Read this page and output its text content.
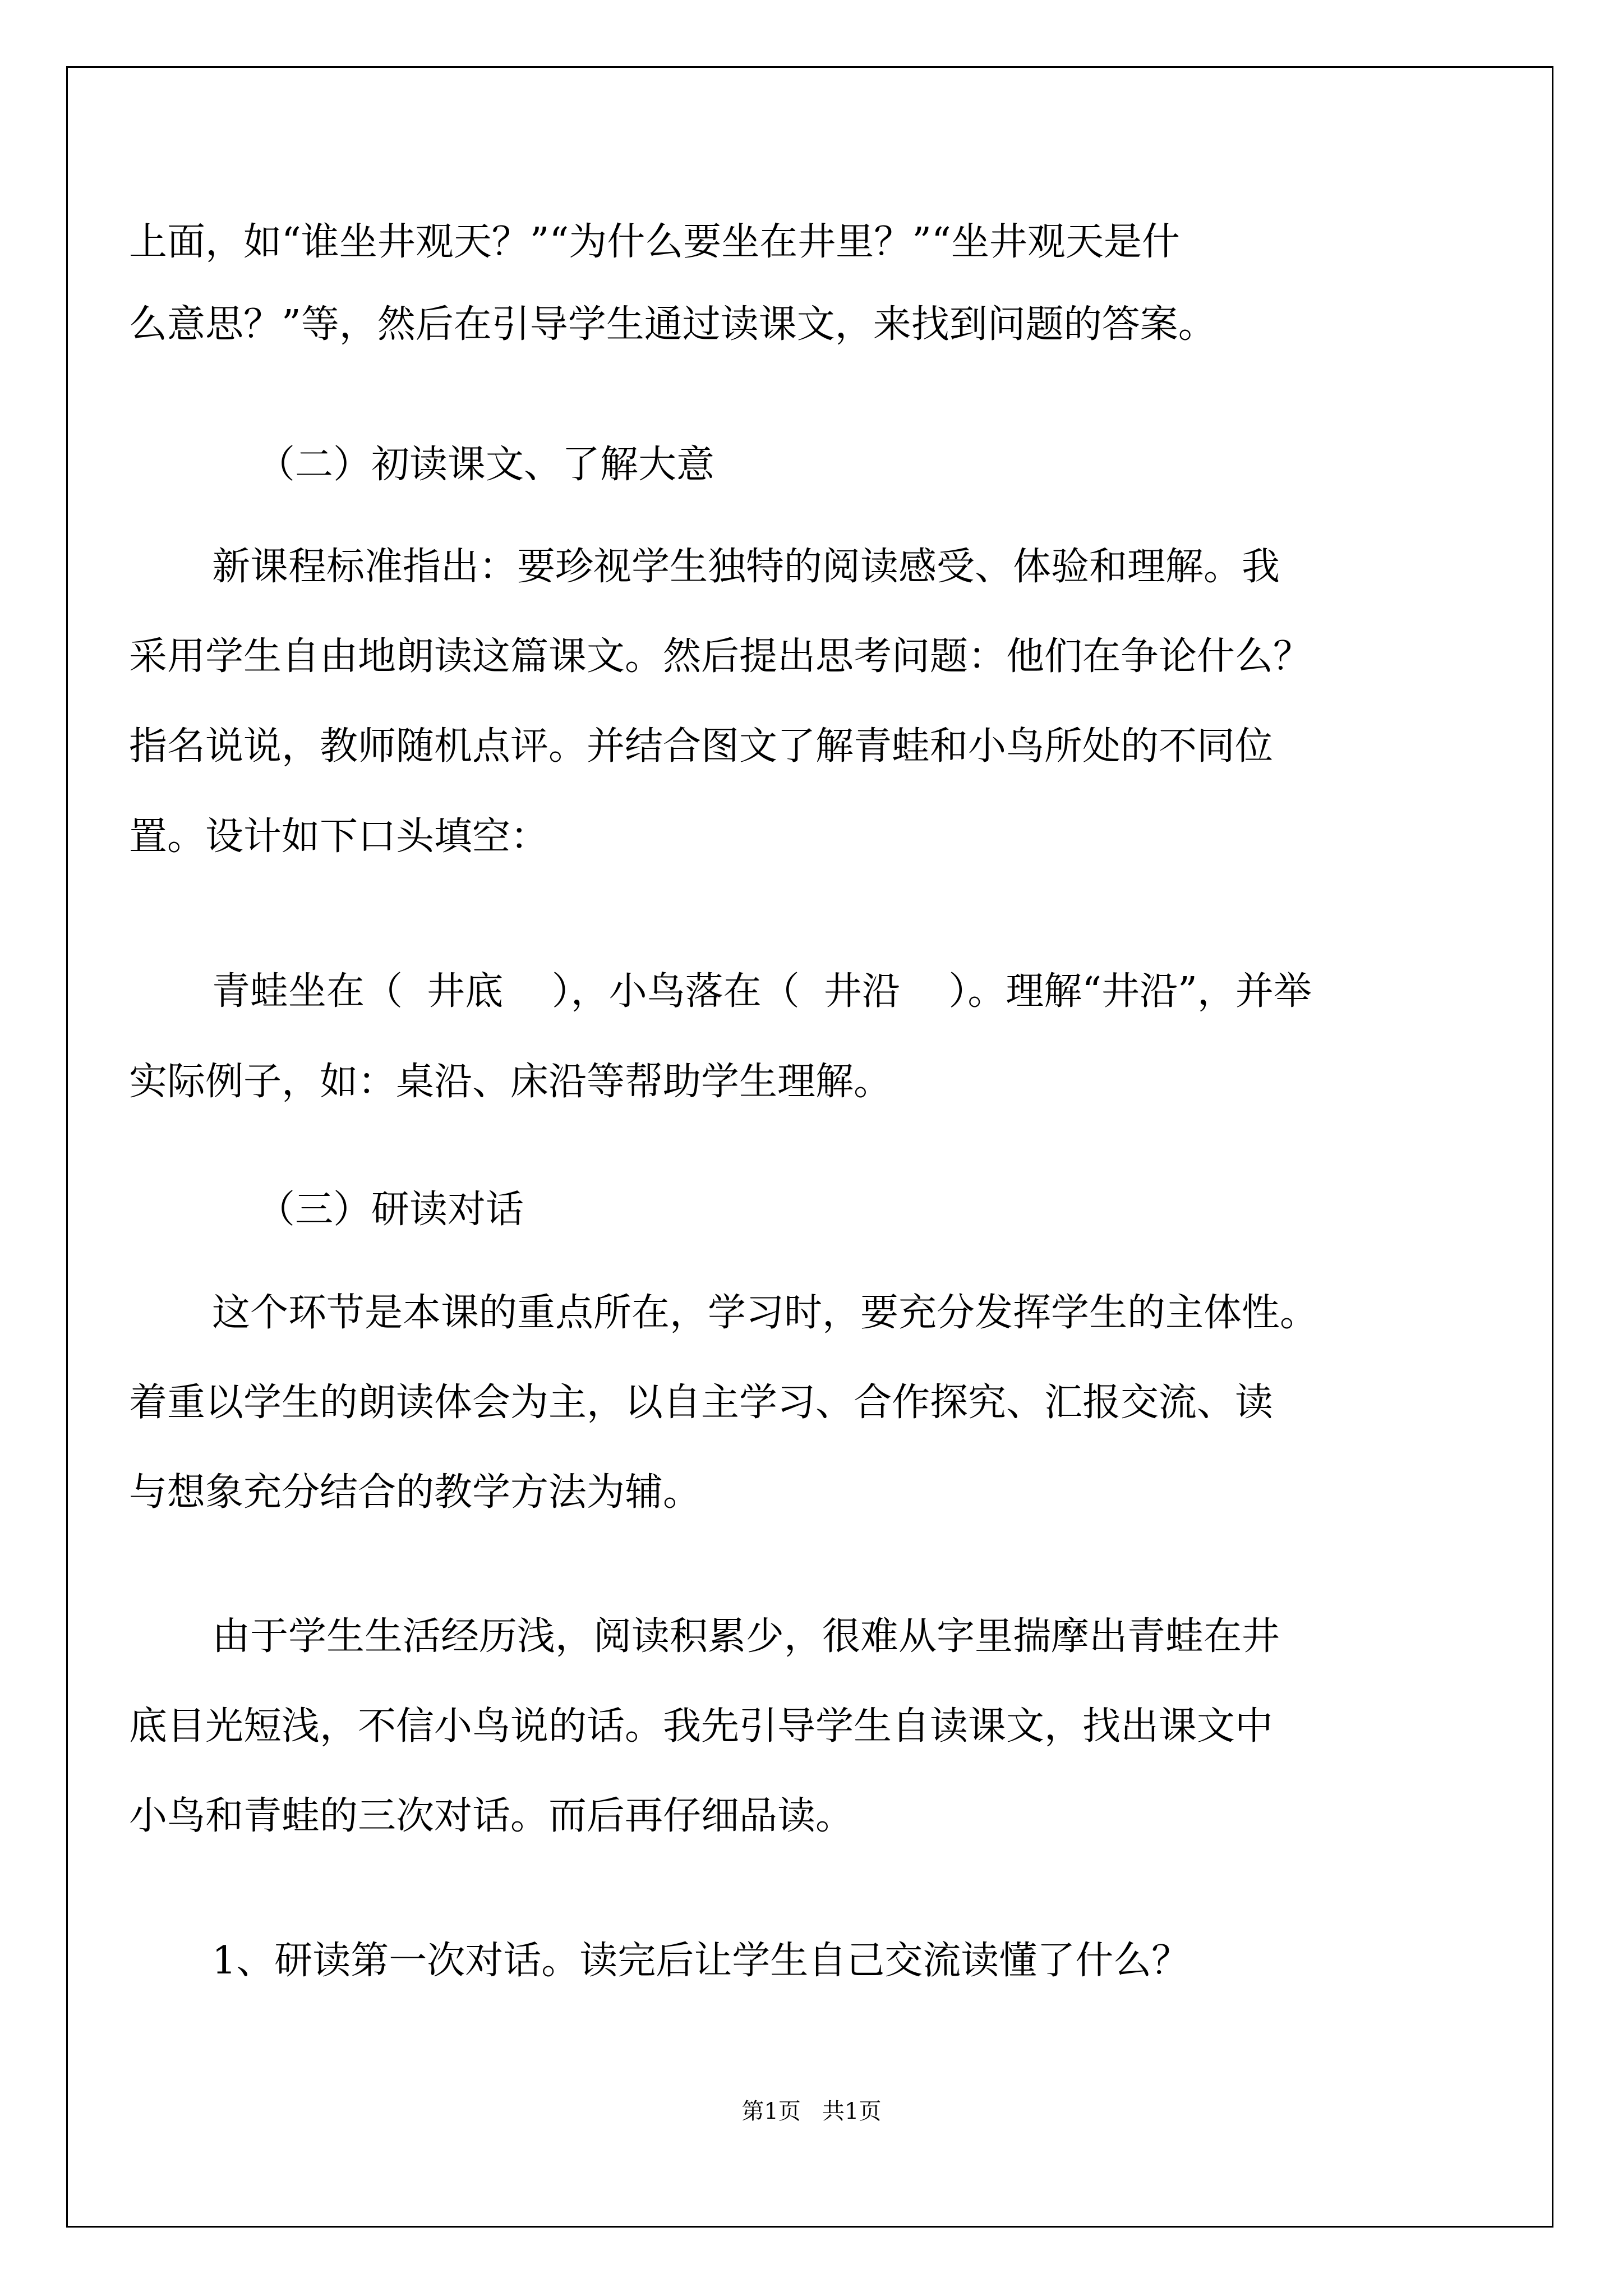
上面，如“谁坐井观天？”“为什么要坐在井里？”“坐井观天是什
么意思？”等，然后在引导学生通过读课文，来找到问题的答案。
（二）初读课文、了解大意
新课程标准指出：要珍视学生独特的阅读感受、体验和理解。我
采用学生自由地朗读这篇课文。然后提出思考问题：他们在争论什么？
指名说说，教师随机点评。并结合图文了解青蛙和小鸟所处的不同位
置。设计如下口头填空：
青蛙坐在（  井底    ），小鸟落在（  井沿    ）。理解“井沿”，并举
实际例子，如：桌沿、床沿等帮助学生理解。
（三）研读对话
这个环节是本课的重点所在，学习时，要充分发挥学生的主体性。
着重以学生的朗读体会为主，以自主学习、合作探究、汇报交流、读
与想象充分结合的教学方法为辅。
由于学生生活经历浅，阅读积累少，很难从字里揣摩出青蛙在井
底目光短浅，不信小鸟说的话。我先引导学生自读课文，找出课文中
小鸟和青蛙的三次对话。而后再仔细品读。
1、研读第一次对话。读完后让学生自己交流读懂了什么？
第1页   共1页
